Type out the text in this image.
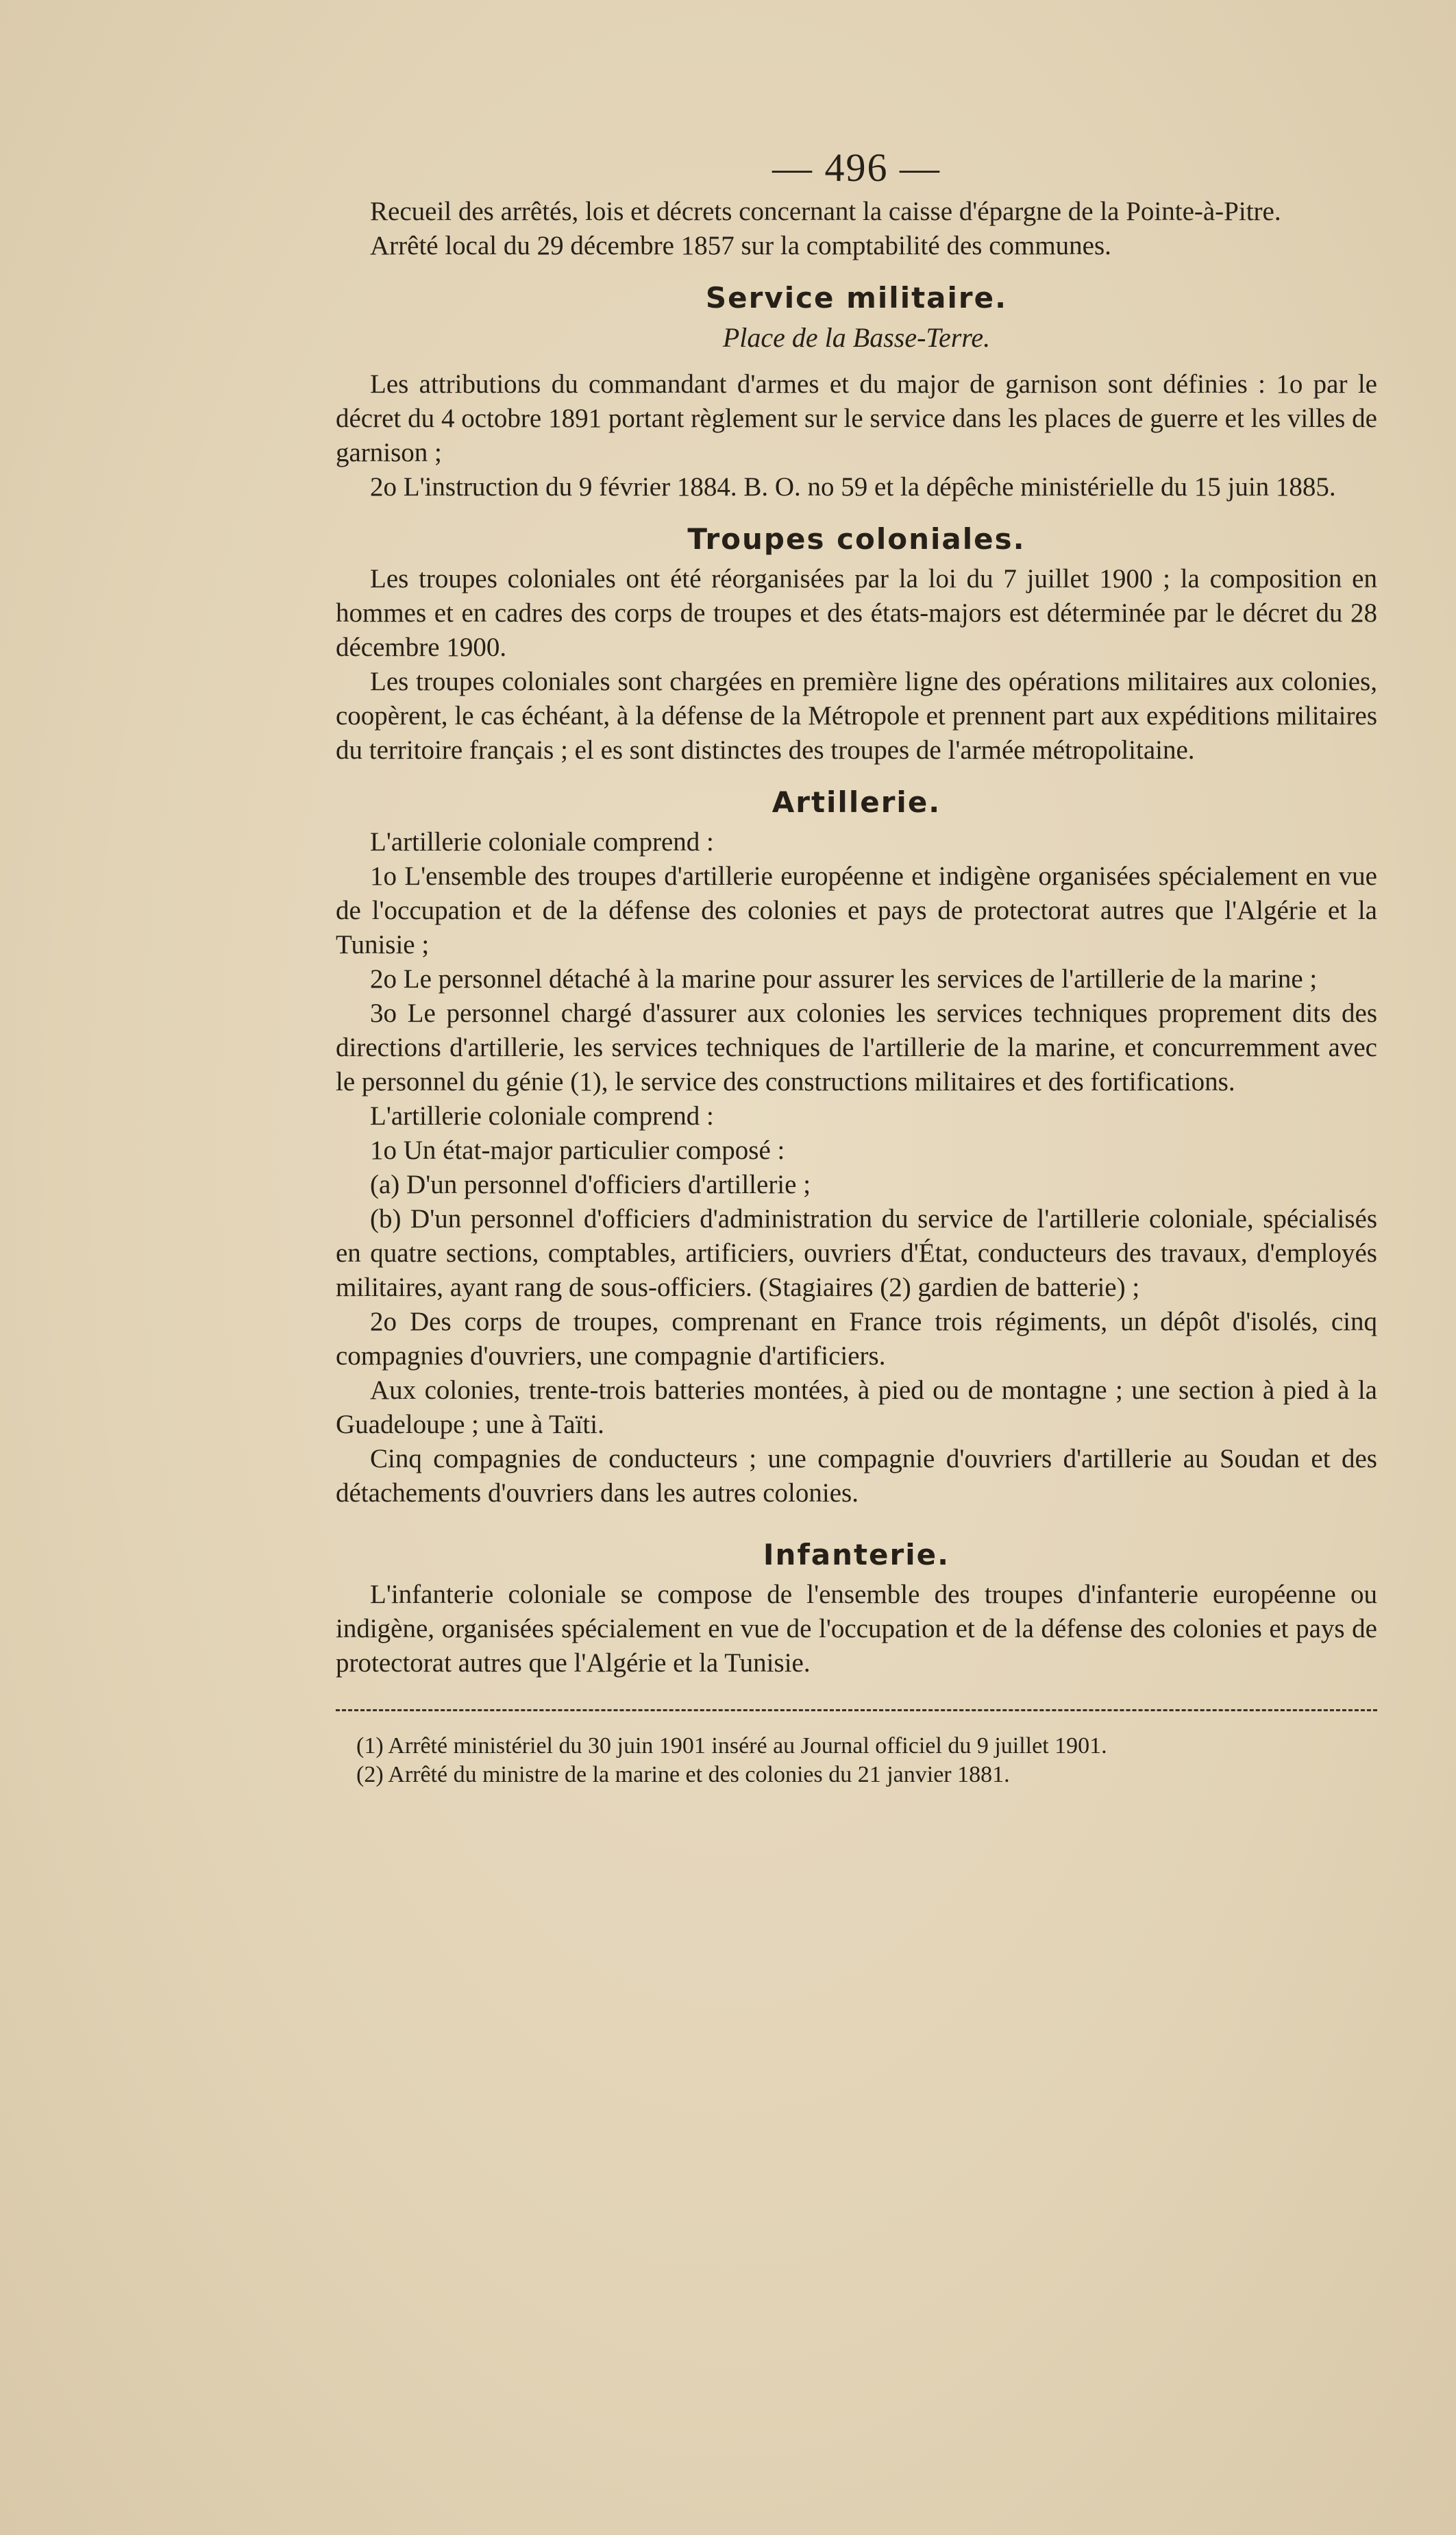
— 496 —

Recueil des arrêtés, lois et décrets concernant la caisse d'épargne de la Pointe-à-Pitre.

Arrêté local du 29 décembre 1857 sur la comptabilité des communes.

Service militaire.
Place de la Basse-Terre.

Les attributions du commandant d'armes et du major de garnison sont définies : 1o par le décret du 4 octobre 1891 portant règlement sur le service dans les places de guerre et les villes de garnison ;

2o L'instruction du 9 février 1884. B. O. no 59 et la dépêche ministérielle du 15 juin 1885.

Troupes coloniales.

Les troupes coloniales ont été réorganisées par la loi du 7 juillet 1900 ; la composition en hommes et en cadres des corps de troupes et des états-majors est déterminée par le décret du 28 décembre 1900.

Les troupes coloniales sont chargées en première ligne des opérations militaires aux colonies, coopèrent, le cas échéant, à la défense de la Métropole et prennent part aux expéditions militaires du territoire français ; el es sont distinctes des troupes de l'armée métropolitaine.

Artillerie.

L'artillerie coloniale comprend :

1o L'ensemble des troupes d'artillerie européenne et indigène organisées spécialement en vue de l'occupation et de la défense des colonies et pays de protectorat autres que l'Algérie et la Tunisie ;

2o Le personnel détaché à la marine pour assurer les services de l'artillerie de la marine ;

3o Le personnel chargé d'assurer aux colonies les services techniques proprement dits des directions d'artillerie, les services techniques de l'artillerie de la marine, et concurremment avec le personnel du génie (1), le service des constructions militaires et des fortifications.

L'artillerie coloniale comprend :

1o Un état-major particulier composé :

(a) D'un personnel d'officiers d'artillerie ;

(b) D'un personnel d'officiers d'administration du service de l'artillerie coloniale, spécialisés en quatre sections, comptables, artificiers, ouvriers d'État, conducteurs des travaux, d'employés militaires, ayant rang de sous-officiers. (Stagiaires (2) gardien de batterie) ;

2o Des corps de troupes, comprenant en France trois régiments, un dépôt d'isolés, cinq compagnies d'ouvriers, une compagnie d'artificiers.

Aux colonies, trente-trois batteries montées, à pied ou de montagne ; une section à pied à la Guadeloupe ; une à Taïti.

Cinq compagnies de conducteurs ; une compagnie d'ouvriers d'artillerie au Soudan et des détachements d'ouvriers dans les autres colonies.

Infanterie.

L'infanterie coloniale se compose de l'ensemble des troupes d'infanterie européenne ou indigène, organisées spécialement en vue de l'occupation et de la défense des colonies et pays de protectorat autres que l'Algérie et la Tunisie.

(1) Arrêté ministériel du 30 juin 1901 inséré au Journal officiel du 9 juillet 1901.
(2) Arrêté du ministre de la marine et des colonies du 21 janvier 1881.
